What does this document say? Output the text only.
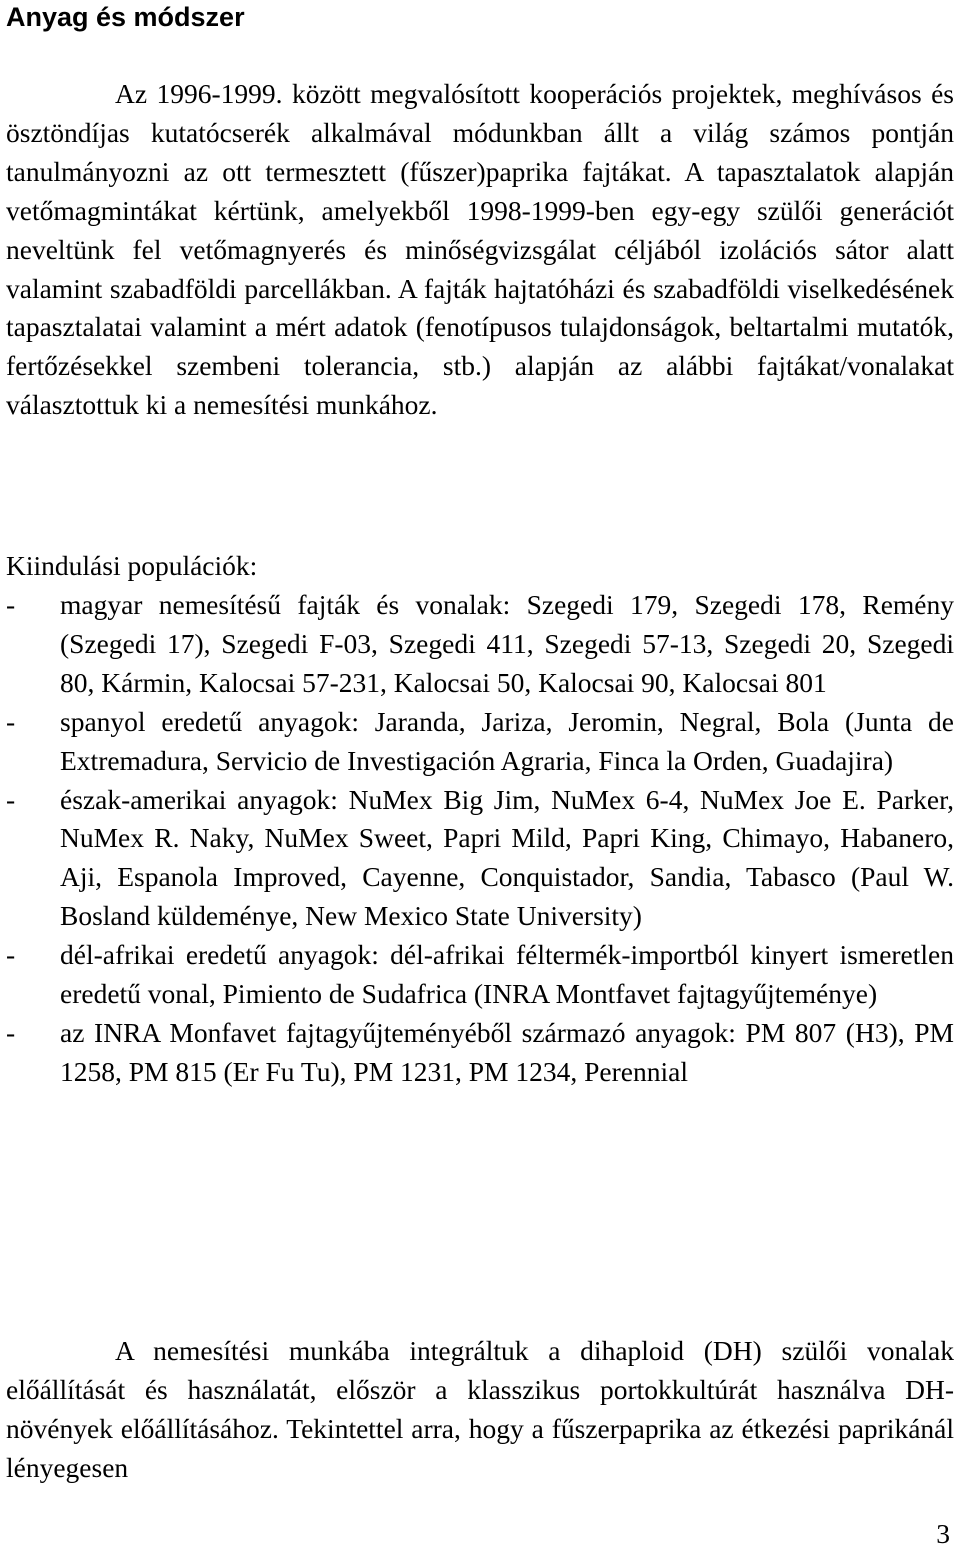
Anyag és módszer

Az 1996-1999. között megvalósított kooperációs projektek, meghívásos és ösztöndíjas kutatócserék alkalmával módunkban állt a világ számos pontján tanulmányozni az ott termesztett (fűszer)paprika fajtákat. A tapasztalatok alapján vetőmagmintákat kértünk, amelyekből 1998-1999-ben egy-egy szülői generációt neveltünk fel vetőmagnyerés és minőségvizsgálat céljából izolációs sátor alatt valamint szabadföldi parcellákban. A fajták hajtatóházi és szabadföldi viselkedésének tapasztalatai valamint a mért adatok (fenotípusos tulajdonságok, beltartalmi mutatók, fertőzésekkel szembeni tolerancia, stb.) alapján az alábbi fajtákat/vonalakat választottuk ki a nemesítési munkához.

Kiindulási populációk:

- magyar nemesítésű fajták és vonalak: Szegedi 179, Szegedi 178, Remény (Szegedi 17), Szegedi F-03, Szegedi 411, Szegedi 57-13, Szegedi 20, Szegedi 80, Kármin, Kalocsai 57-231, Kalocsai 50, Kalocsai 90, Kalocsai 801
- spanyol eredetű anyagok: Jaranda, Jariza, Jeromin, Negral, Bola (Junta de Extremadura, Servicio de Investigación Agraria, Finca la Orden, Guadajira)
- észak-amerikai anyagok: NuMex Big Jim, NuMex 6-4, NuMex Joe E. Parker, NuMex R. Naky, NuMex Sweet, Papri Mild, Papri King, Chimayo, Habanero, Aji, Espanola Improved, Cayenne, Conquistador, Sandia, Tabasco (Paul W. Bosland küldeménye, New Mexico State University)
- dél-afrikai eredetű anyagok: dél-afrikai féltermék-importból kinyert ismeretlen eredetű vonal, Pimiento de Sudafrica (INRA Montfavet fajtagyűjteménye)
- az INRA Monfavet fajtagyűjteményéből származó anyagok: PM 807 (H3), PM 1258, PM 815 (Er Fu Tu), PM 1231, PM 1234, Perennial

A nemesítési munkába integráltuk a dihaploid (DH) szülői vonalak előállítását és használatát, először a klasszikus portokkultúrát használva DH-növények előállításához. Tekintettel arra, hogy a fűszerpaprika az étkezési paprikánál lényegesen

3
